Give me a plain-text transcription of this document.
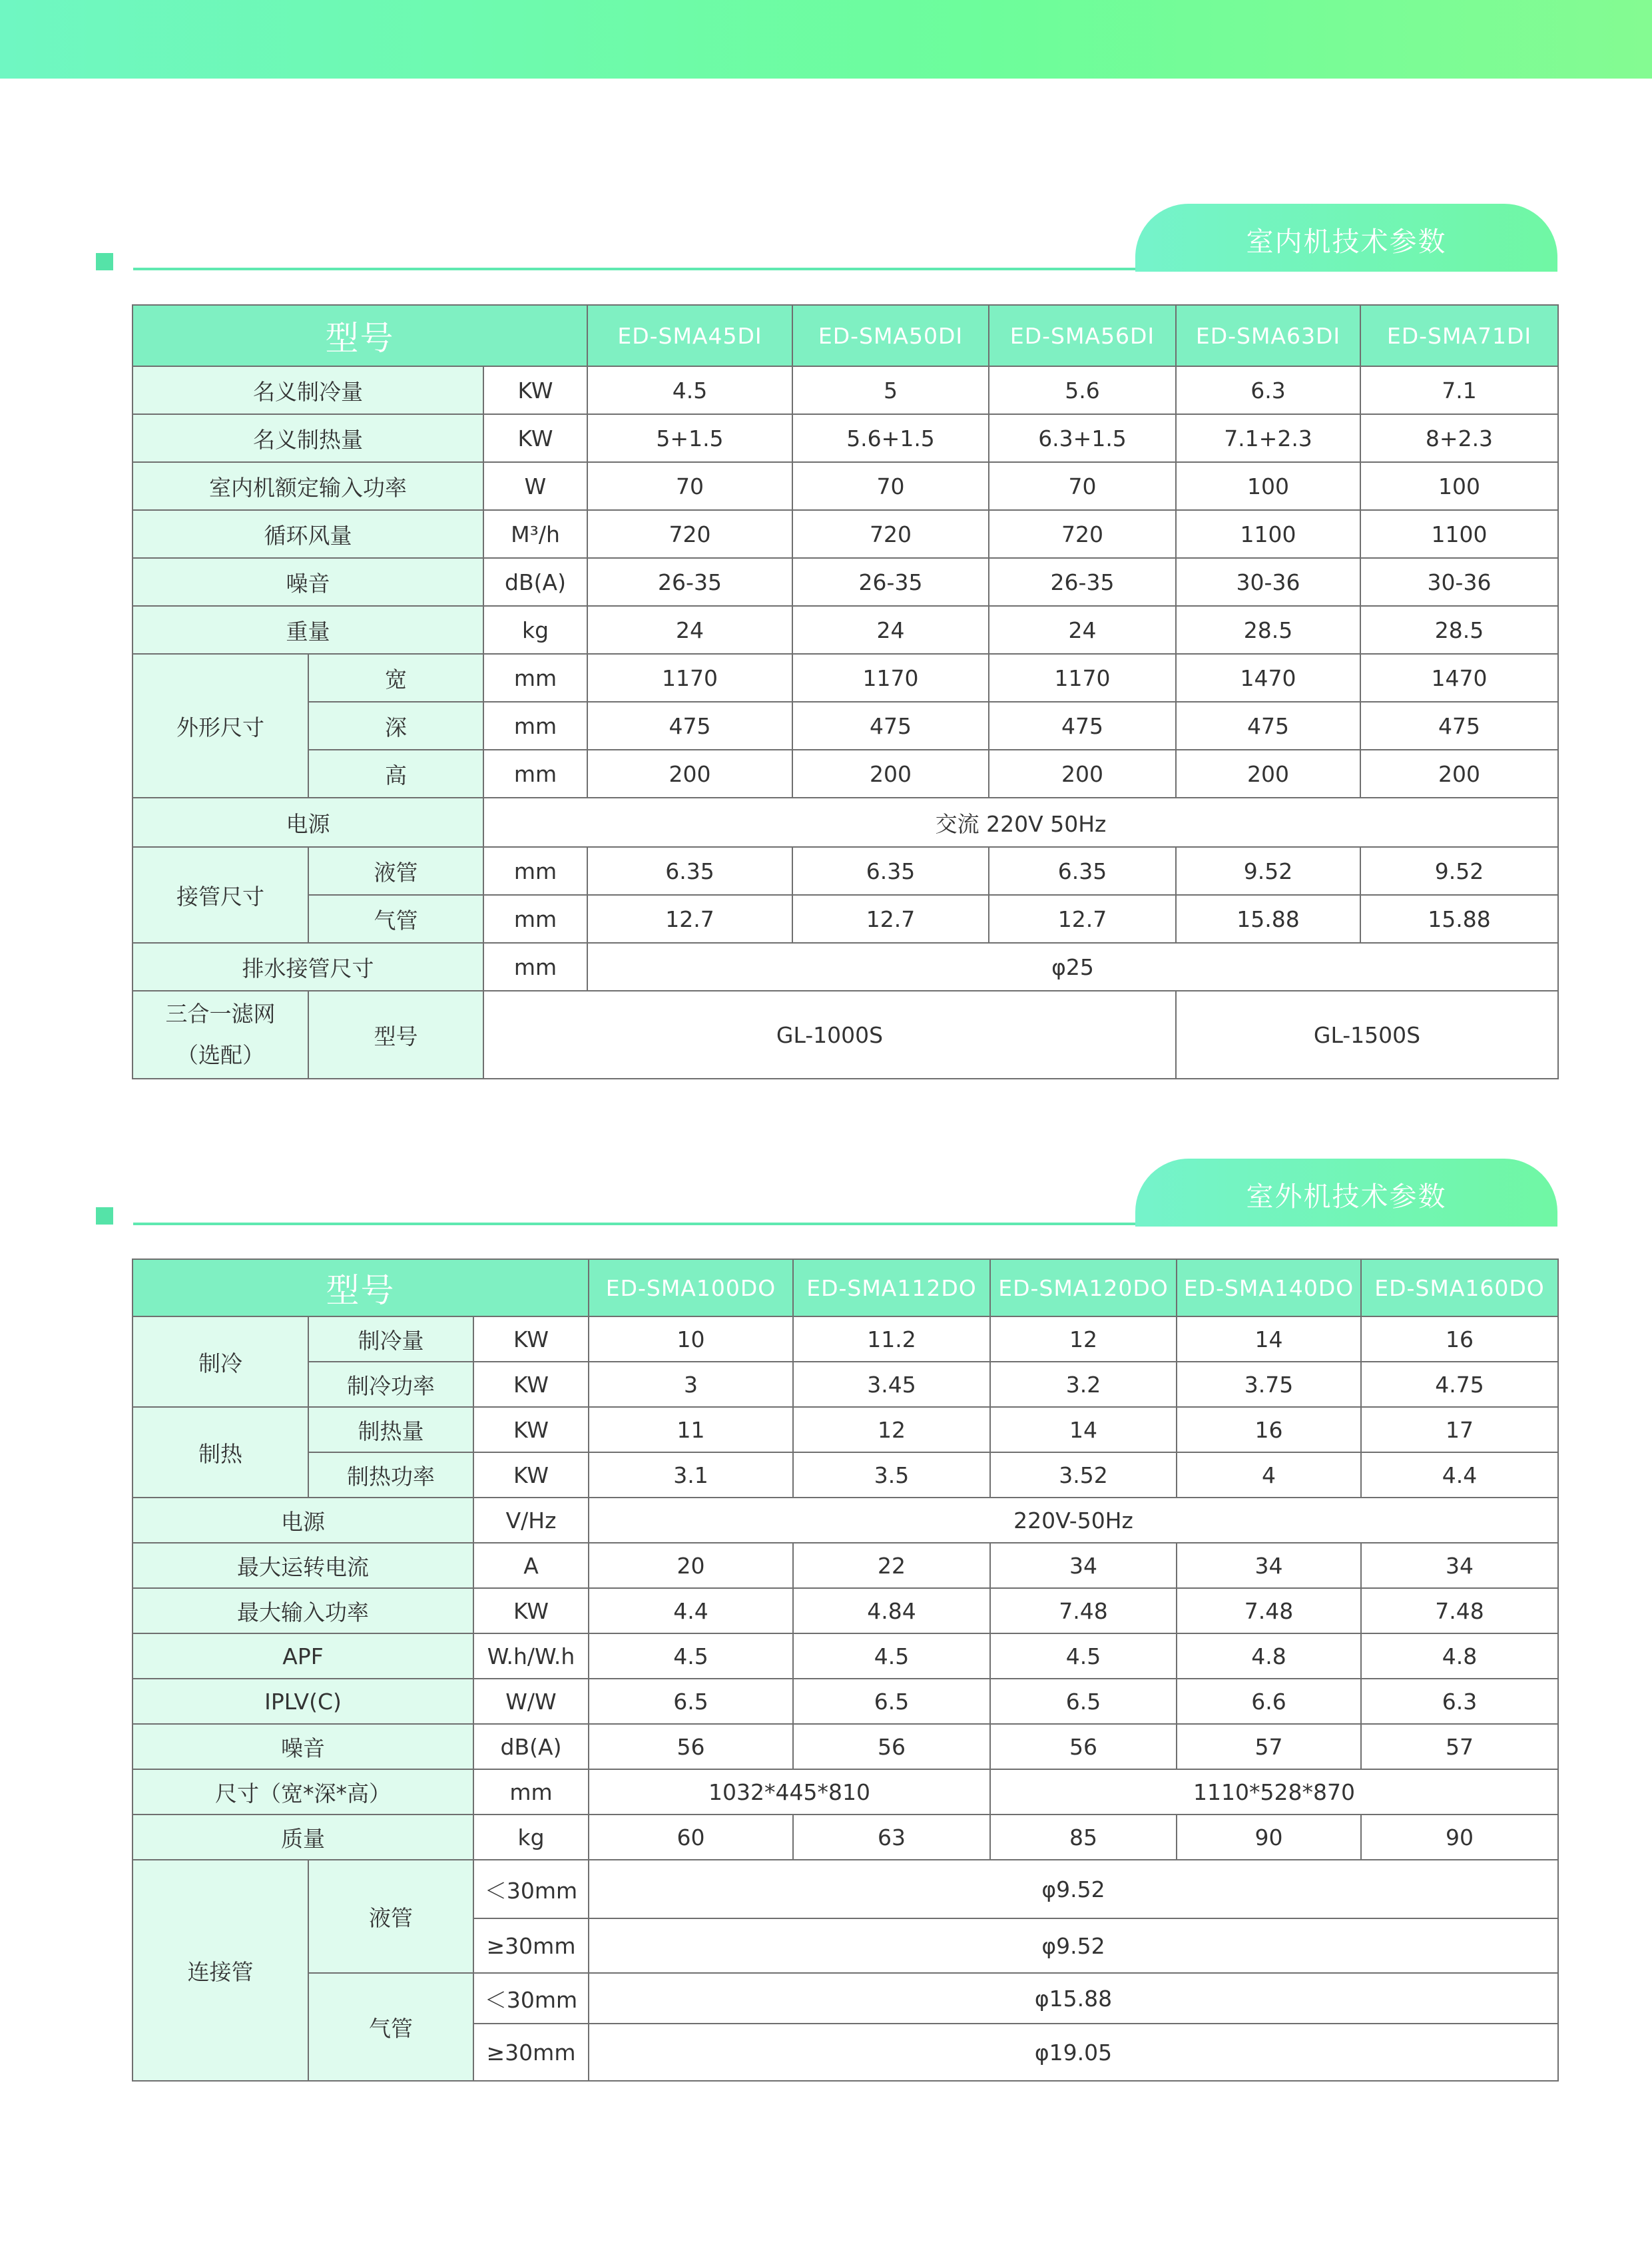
室内机技术参数
型号			ED-SMA45DI	ED-SMA50DI	ED-SMA56DI	ED-SMA63DI	ED-SMA71DI
名义制冷量		KW	4.5	5	5.6	6.3	7.1
名义制热量		KW	5+1.5	5.6+1.5	6.3+1.5	7.1+2.3	8+2.3
室内机额定输入功率		W	70	70	70	100	100
循环风量		M³/h	720	720	720	1100	1100
噪音		dB(A)	26-35	26-35	26-35	30-36	30-36
重量		kg	24	24	24	28.5	28.5
外形尺寸	宽	mm	1170	1170	1170	1470	1470
	深	mm	475	475	475	475	475
	高	mm	200	200	200	200	200
电源		交流 220V 50Hz					
接管尺寸	液管	mm	6.35	6.35	6.35	9.52	9.52
	气管	mm	12.7	12.7	12.7	15.88	15.88
排水接管尺寸		mm	φ25				
三合一滤网
（选配）	型号	GL-1000S				GL-1500S	
室外机技术参数
型号			ED-SMA100DO	ED-SMA112DO	ED-SMA120DO	ED-SMA140DO	ED-SMA160DO
制冷	制冷量	KW	10	11.2	12	14	16
	制冷功率	KW	3	3.45	3.2	3.75	4.75
制热	制热量	KW	11	12	14	16	17
	制热功率	KW	3.1	3.5	3.52	4	4.4
电源		V/Hz	220V-50Hz				
最大运转电流		A	20	22	34	34	34
最大输入功率		KW	4.4	4.84	7.48	7.48	7.48
APF		W.h/W.h	4.5	4.5	4.5	4.8	4.8
IPLV(C)		W/W	6.5	6.5	6.5	6.6	6.3
噪音		dB(A)	56	56	56	57	57
尺寸（宽*深*高）		mm	1032*445*810		1110*528*870		
质量		kg	60	63	85	90	90
连接管	液管	＜30mm	φ9.52				
		≥30mm	φ9.52				
	气管	＜30mm	φ15.88				
		≥30mm	φ19.05				
